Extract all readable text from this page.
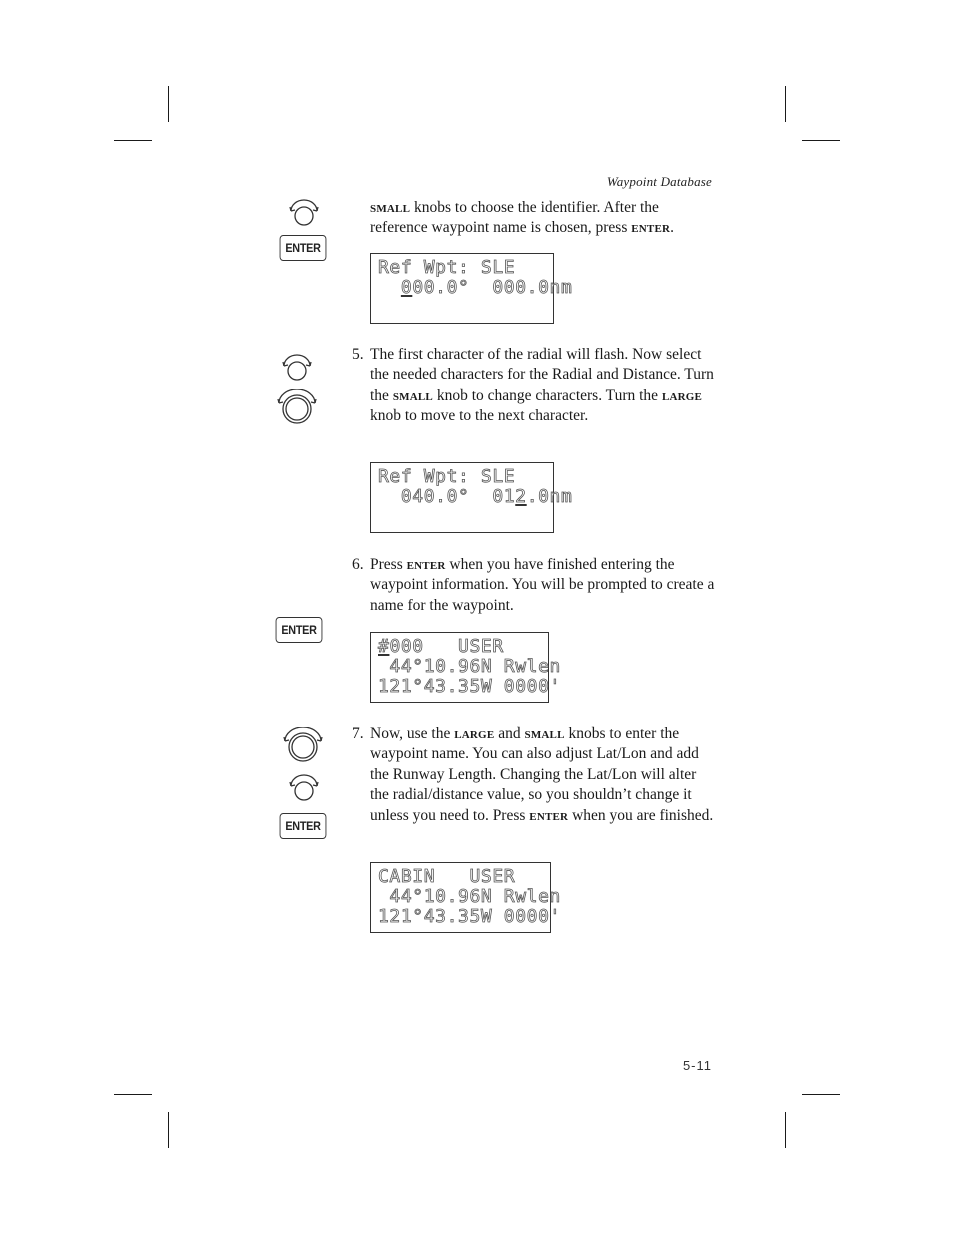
Waypoint Database
ENTER
small knobs to choose the identifier. After the reference waypoint name is chosen, press enter.
Ref Wpt: SLE
000.0°  000.0nm
5. The first character of the radial will flash. Now select the needed characters for the Radial and Distance. Turn the small knob to change characters. Turn the large knob to move to the next character.
Ref Wpt: SLE
040.0°  012.0nm
6. Press enter when you have finished entering the waypoint information. You will be prompted to create a name for the waypoint.
ENTER
#000   USER
44°10.96N Rwlen
121°43.35W 0000'
ENTER
7. Now, use the large and small knobs to enter the waypoint name. You can also adjust Lat/Lon and add the Runway Length. Changing the Lat/Lon will alter the radial/distance value, so you shouldn’t change it unless you need to. Press enter when you are finished.
CABIN   USER
44°10.96N Rwlen
121°43.35W 0000'
5-11
